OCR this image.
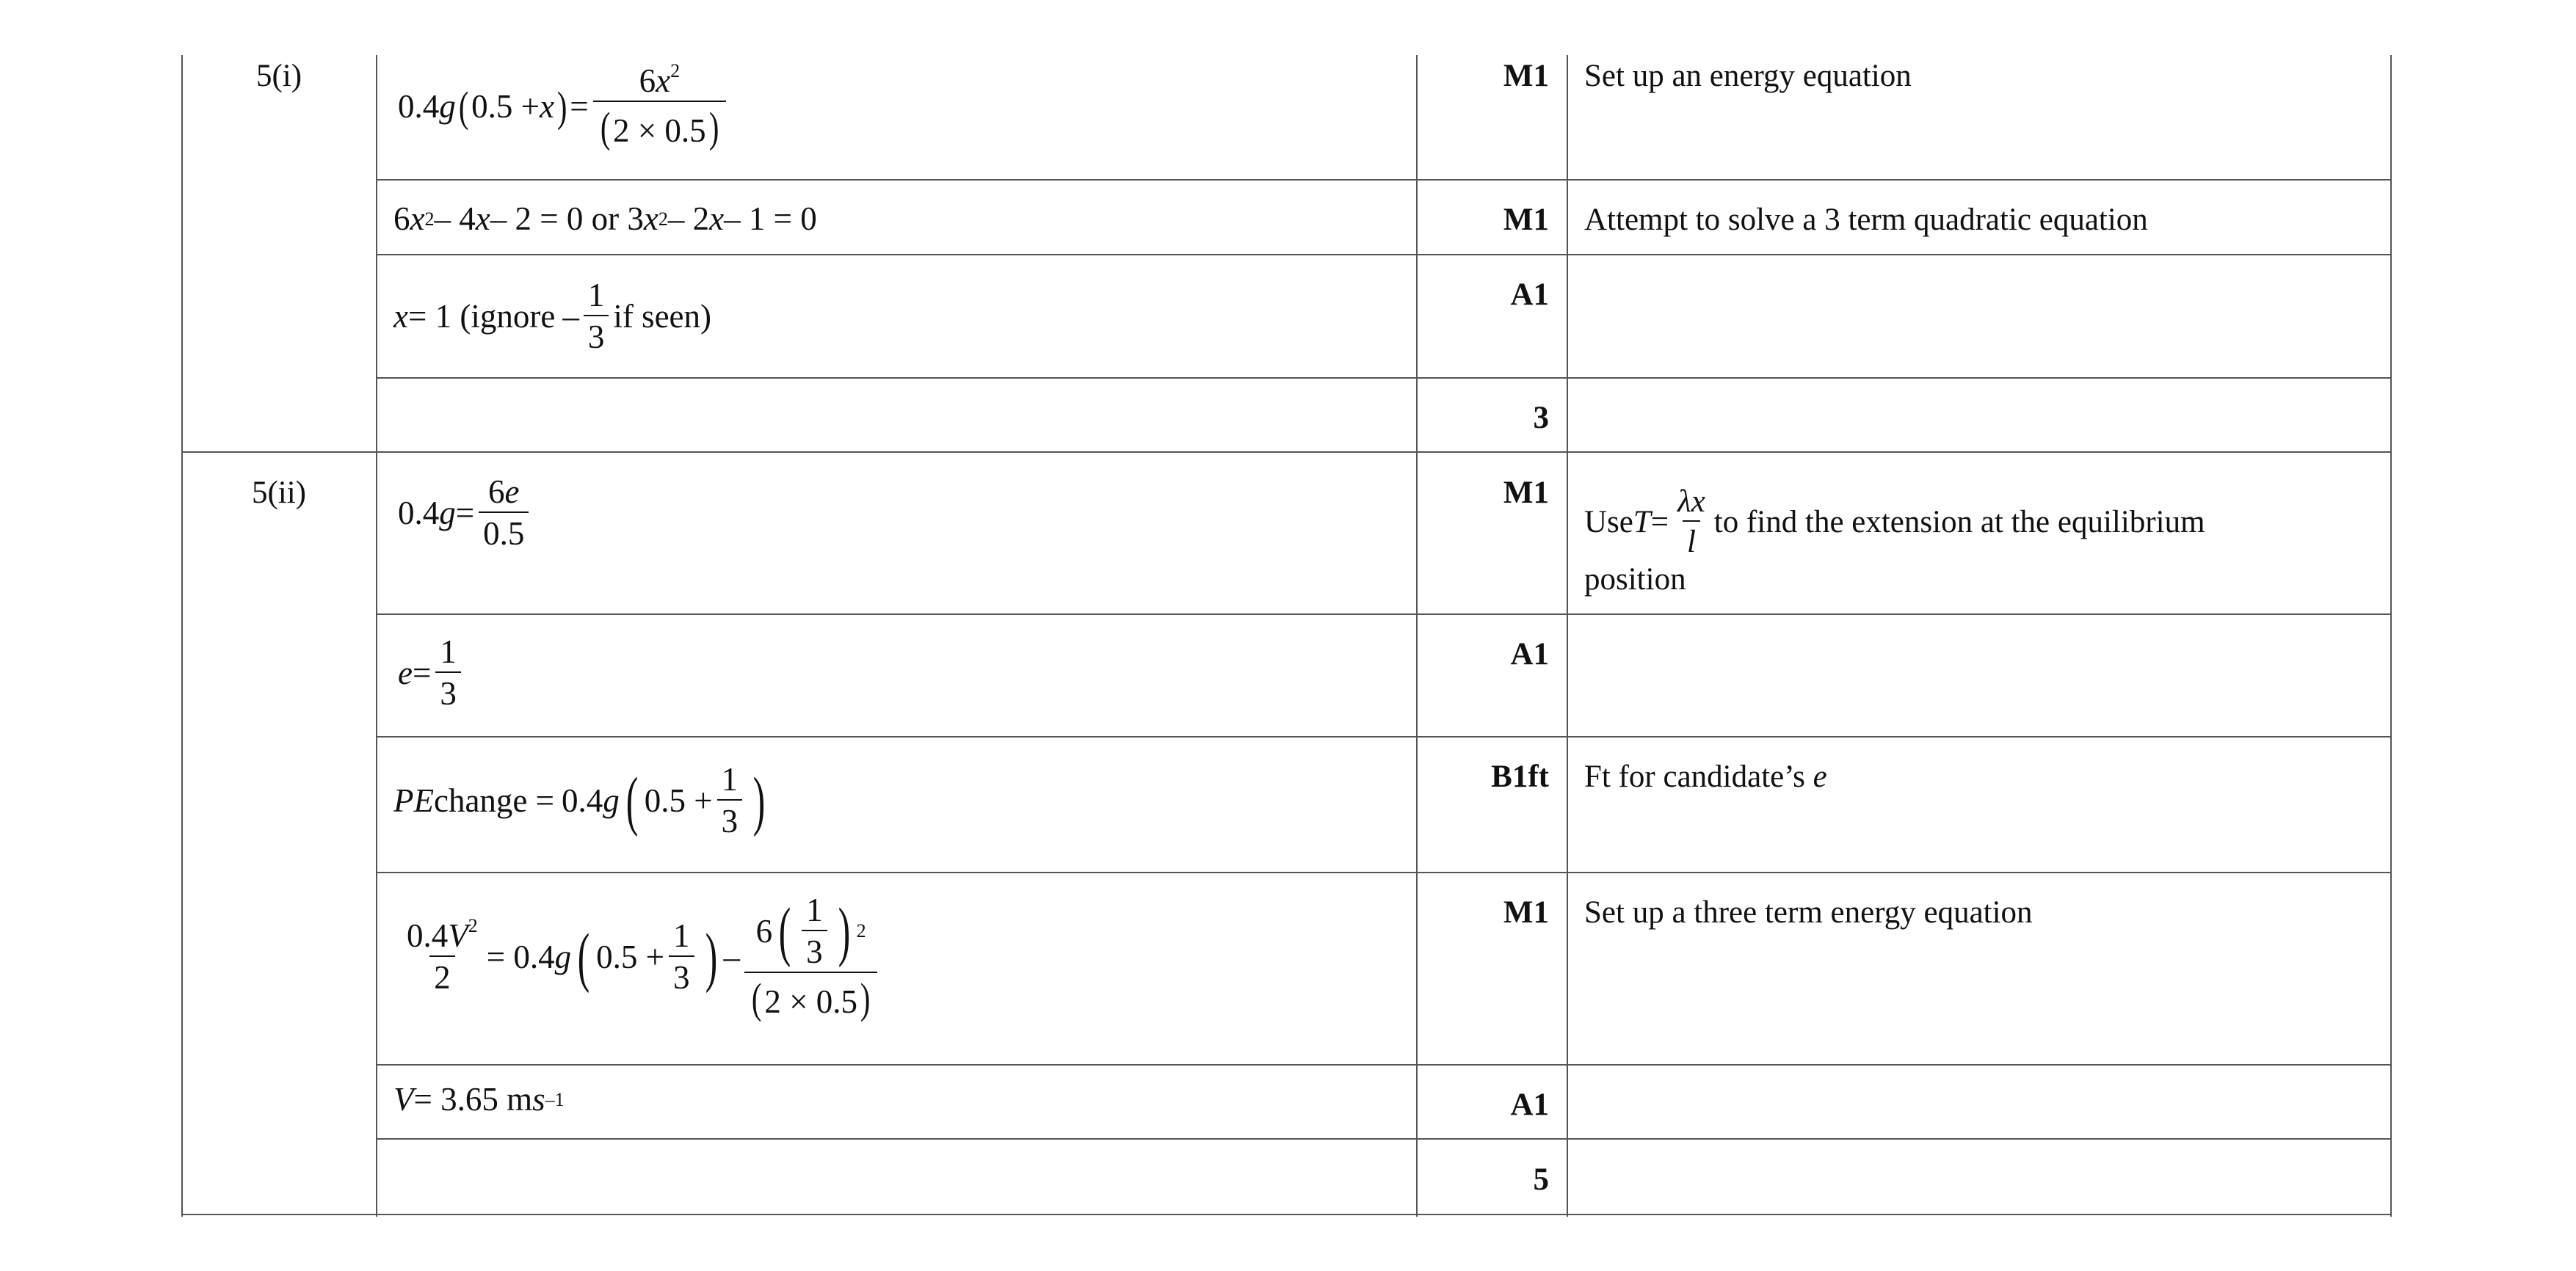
5(i)
5(ii)
M1
M1
A1
3
M1
A1
B1ft
M1
A1
5
Set up an energy equation
Attempt to solve a 3 term quadratic equation
Use $T = \frac{\lambda x}{l}$ to find the extension at the equilibrium
position
Ft for candidate’s e
Set up a three term energy equation
0.4 g ( 0.5 + x ) = $\frac{6x^2}{(2 \times 0.5)}$
6 x 2 – 4 x – 2 = 0 or 3 x 2 – 2 x – 1 = 0
x = 1 (ignore – $\frac{1}{3}$ if seen)
0.4 $g = \frac{6e}{0.5}$
$e = \frac{1}{3}$
PE change = 0.4 g ( $0.5 + \frac{1}{3}$ )
$\frac{0.4V^2}{2} = 0.4$ g ( $0.5 + \frac{1}{3}$ ) – $\frac{6 ( \frac{1}{3} ) 2}{(2 \times 0.5)}$
V = 3.65 m s –1
